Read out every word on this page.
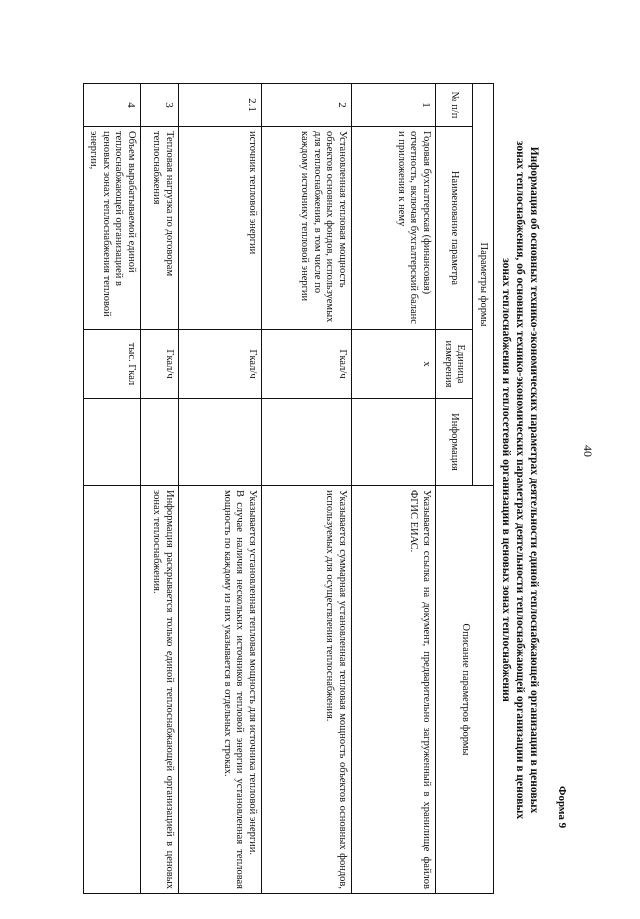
Форма 9
40
Информация об основных технико-экономических параметрах деятельности единой теплоснабжающей организации в ценовых
зонах теплоснабжения, об основных технико-экономических параметрах деятельности теплоснабжающей организации в ценовых
зонах теплоснабжения и теплосетевой организации в ценовых зонах теплоснабжения
Параметры формы				Описание параметров формы
№ п/п	Наименование параметра	Единица измерения	Информация	
1	Годовая бухгалтерская (финансовая) отчетность, включая бухгалтерский баланс и приложения к нему	x		Указывается ссылка на документ, предварительно загруженный в хранилище файлов ФГИС ЕИАС.
2	Установленная тепловая мощность объектов основных фондов, используемых для теплоснабжения, в том числе по каждому источнику тепловой энергии	Гкал/ч		Указывается суммарная установленная тепловая мощность объектов основных фондов, используемых для осуществления теплоснабжения.
2.1	источник тепловой энергии	Гкал/ч		Указывается установленная тепловая мощность для источника тепловой энергии.
В случае наличия нескольких источников тепловой энергии установленная тепловая мощность по каждому из них указывается в отдельных строках.

3	Тепловая нагрузка по договорам теплоснабжения	Гкал/ч		Информация раскрывается только единой теплоснабжающей организацией в ценовых зонах теплоснабжения.
4	Объем вырабатываемой единой теплоснабжающей организацией в ценовых зонах теплоснабжения тепловой энергии,	тыс. Гкал		
